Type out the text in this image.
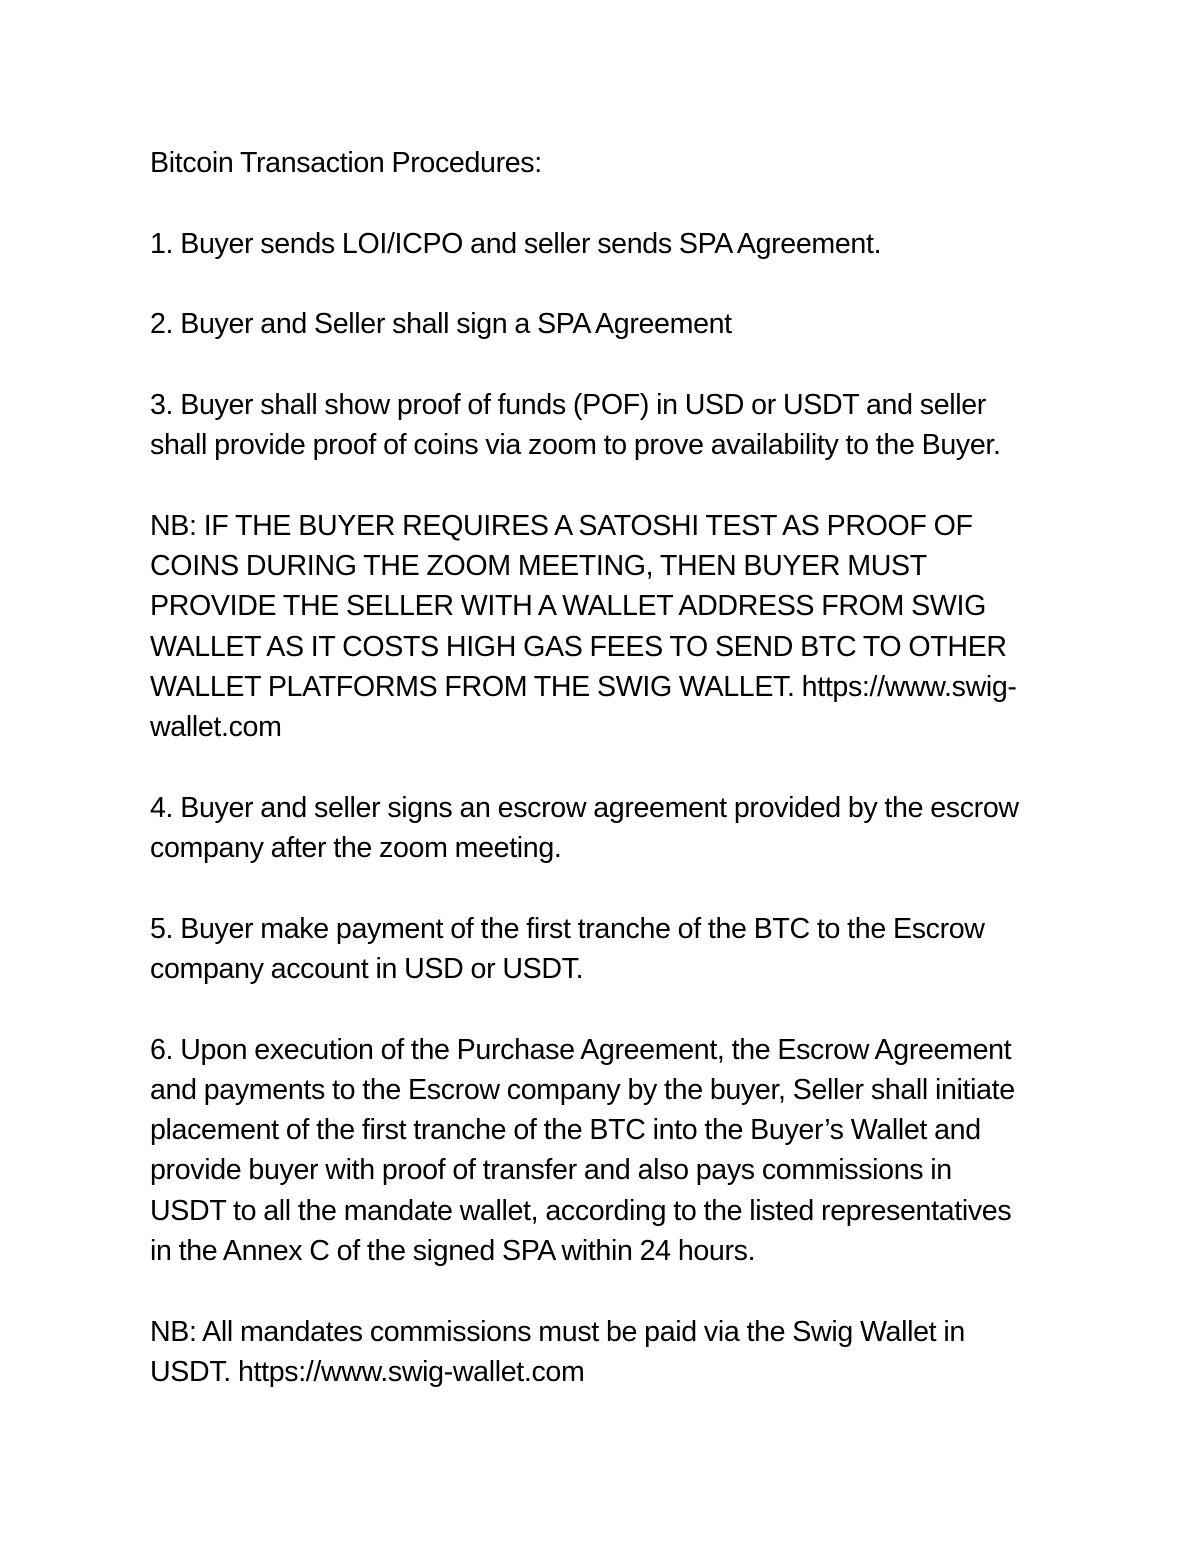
Bitcoin Transaction Procedures:

1. Buyer sends LOI/ICPO and seller sends SPA Agreement.

2. Buyer and Seller shall sign a SPA Agreement

3. Buyer shall show proof of funds (POF) in USD or USDT and seller
shall provide proof of coins via zoom to prove availability to the Buyer.

NB: IF THE BUYER REQUIRES A SATOSHI TEST AS PROOF OF
COINS DURING THE ZOOM MEETING, THEN BUYER MUST
PROVIDE THE SELLER WITH A WALLET ADDRESS FROM SWIG
WALLET AS IT COSTS HIGH GAS FEES TO SEND BTC TO OTHER
WALLET PLATFORMS FROM THE SWIG WALLET. https://www.swig-
wallet.com

4. Buyer and seller signs an escrow agreement provided by the escrow
company after the zoom meeting.

5. Buyer make payment of the first tranche of the BTC to the Escrow
company account in USD or USDT.

6. Upon execution of the Purchase Agreement, the Escrow Agreement
and payments to the Escrow company by the buyer, Seller shall initiate
placement of the first tranche of the BTC into the Buyer’s Wallet and
provide buyer with proof of transfer and also pays commissions in
USDT to all the mandate wallet, according to the listed representatives
in the Annex C of the signed SPA within 24 hours.

NB: All mandates commissions must be paid via the Swig Wallet in
USDT. https://www.swig-wallet.com
